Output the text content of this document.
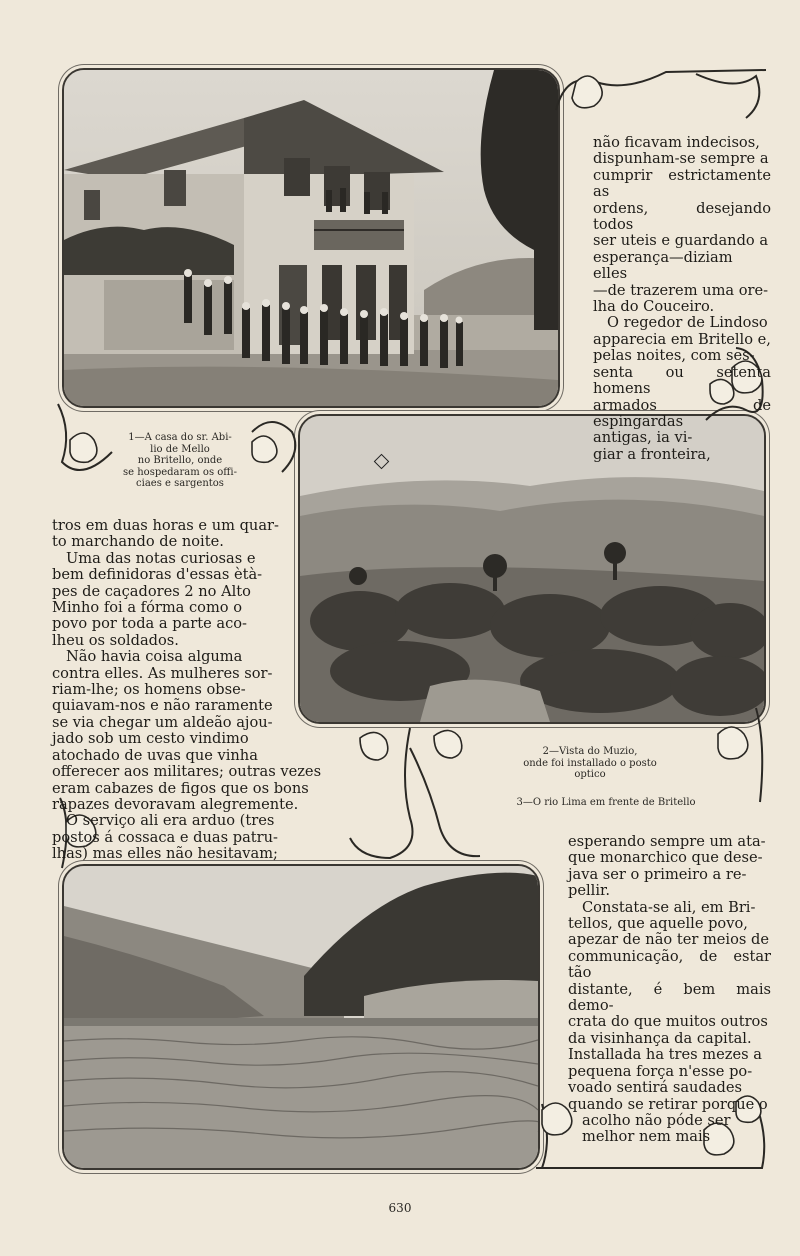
não ficavam indecisos,
dispunham-se sempre a
cumprir estrictamente as
ordens, desejando todos
ser uteis e guardando a
esperança—diziam elles
—de trazerem uma ore-
lha do Couceiro.
O regedor de Lindoso
apparecia em Britello e,
pelas noites, com ses-
senta ou setenta homens
armados de espingardas
antigas, ia vi-
giar a fronteira,
1—A casa do sr. Abi-
lio de Mello
no Britello, onde
se hospedaram os offi-
ciaes e sargentos
tros em duas horas e um quar-
to marchando de noite.
Uma das notas curiosas e
bem definidoras d'essas ètà-
pes de caçadores 2 no Alto
Minho foi a fórma como o
povo por toda a parte aco-
lheu os soldados.
Não havia coisa alguma
contra elles. As mulheres sor-
riam-lhe; os homens obse-
quiavam-nos e não raramente
se via chegar um aldeão ajou-
jado sob um cesto vindimo
atochado de uvas que vinha
offerecer aos militares; outras vezes
eram cabazes de figos que os bons
rapazes devoravam alegremente.
O serviço ali era arduo (tres
postos á cossaca e duas patru-
lhas) mas elles não hesitavam;
2—Vista do Muzio,
onde foi installado o posto
optico
3—O rio Lima em frente de Britello
esperando sempre um ata-
que monarchico que dese-
java ser o primeiro a re-
pellir.
Constata-se ali, em Bri-
tellos, que aquelle povo,
apezar de não ter meios de
communicação, de estar tão
distante, é bem mais demo-
crata do que muitos outros
da visinhança da capital.
Installada ha tres mezes a
pequena força n'esse po-
voado sentirá saudades
quando se retirar porque o
acolho não póde ser
melhor nem mais
630
